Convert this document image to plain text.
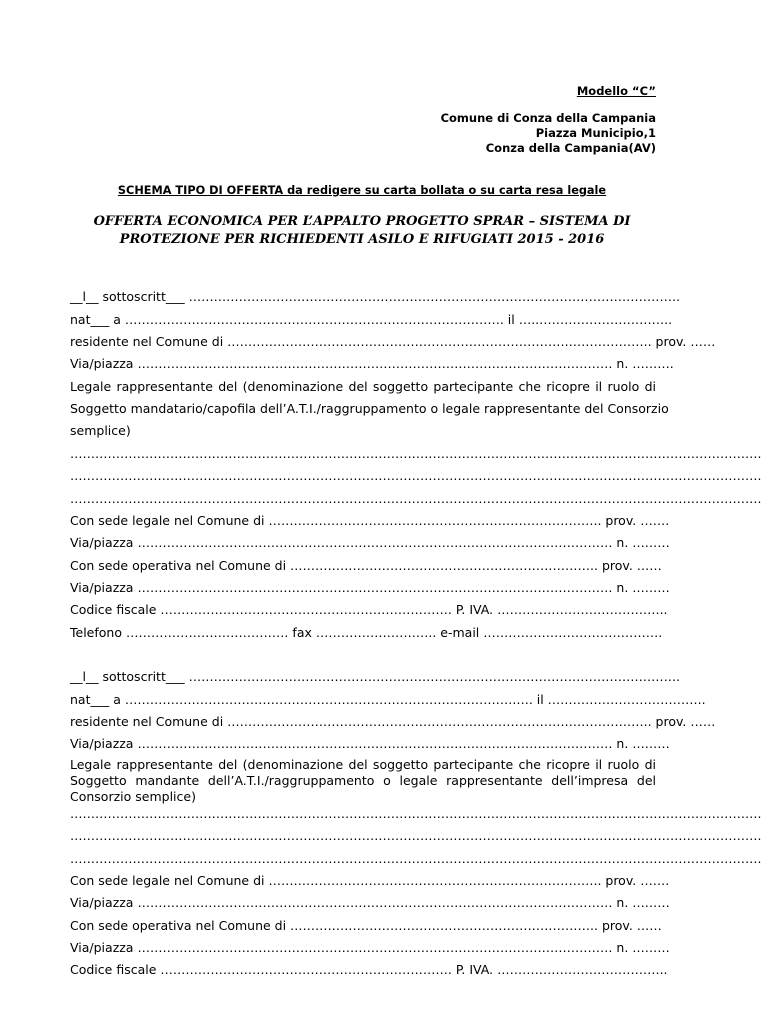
Modello “C”
Comune di Conza della Campania
Piazza Municipio,1
Conza della Campania(AV)
SCHEMA TIPO DI OFFERTA da redigere su carta bollata o su carta resa legale
OFFERTA ECONOMICA PER L’APPALTO PROGETTO SPRAR – SISTEMA DI
PROTEZIONE PER RICHIEDENTI ASILO E RIFUGIATI 2015 - 2016
__l__ sottoscritt___ ……………………………………………………………………………………………………….
nat___ a ………………………………………………………………………………. il …..…………………………..
residente nel Comune di ……………………………………………………………………….……………….. prov. ……
Via/piazza …………………………………………………………………………………………………… n. ……….
Legale rappresentante del (denominazione del soggetto partecipante che ricopre il ruolo di
Soggetto mandatario/capofila dell’A.T.I./raggruppamento o legale rappresentante del Consorzio
semplice)
………………………………………………………………………………………………………………………………………………….
………………………………………………………………………………………………………………………………………………….
………………………………………………………………………………………………………………………………………………….
Con sede legale nel Comune di …………………………………………………………………….. prov. …….
Via/piazza …………………………………………………………………………………………………… n. ………
Con sede operativa nel Comune di ……………………………………………………………….. prov. ……
Via/piazza …………………………………………………………………………………………………… n. ………
Codice fiscale ……………………………………………………………. P. IVA. …………………………………..
Telefono ………………………………… fax ……………………….. e-mail …………………………………….
__l__ sottoscritt___ ……………………………………………………………………………………………………….
nat___ a ………………………………………………………………………………….…. il ………………………………..
residente nel Comune di ……………………………………………………………………….……………….. prov. ……
Via/piazza …………………………………………………………………………………………………… n. ………
Legale rappresentante del (denominazione del soggetto partecipante che ricopre il ruolo di
Soggetto mandante dell’A.T.I./raggruppamento o legale rappresentante dell’impresa del
Consorzio semplice)
………………………………………………………………………………………………………………………………………………….
………………………………………………………………………………………………………………………………………………….
………………………………………………………………………………………………………………………………………………….
Con sede legale nel Comune di …………………………………………………………………….. prov. …….
Via/piazza …………………………………………………………………………………………………… n. ………
Con sede operativa nel Comune di ……………………………………………………………….. prov. ……
Via/piazza …………………………………………………………………………………………………… n. ………
Codice fiscale ……………………………………………………………. P. IVA. …………………………………..
